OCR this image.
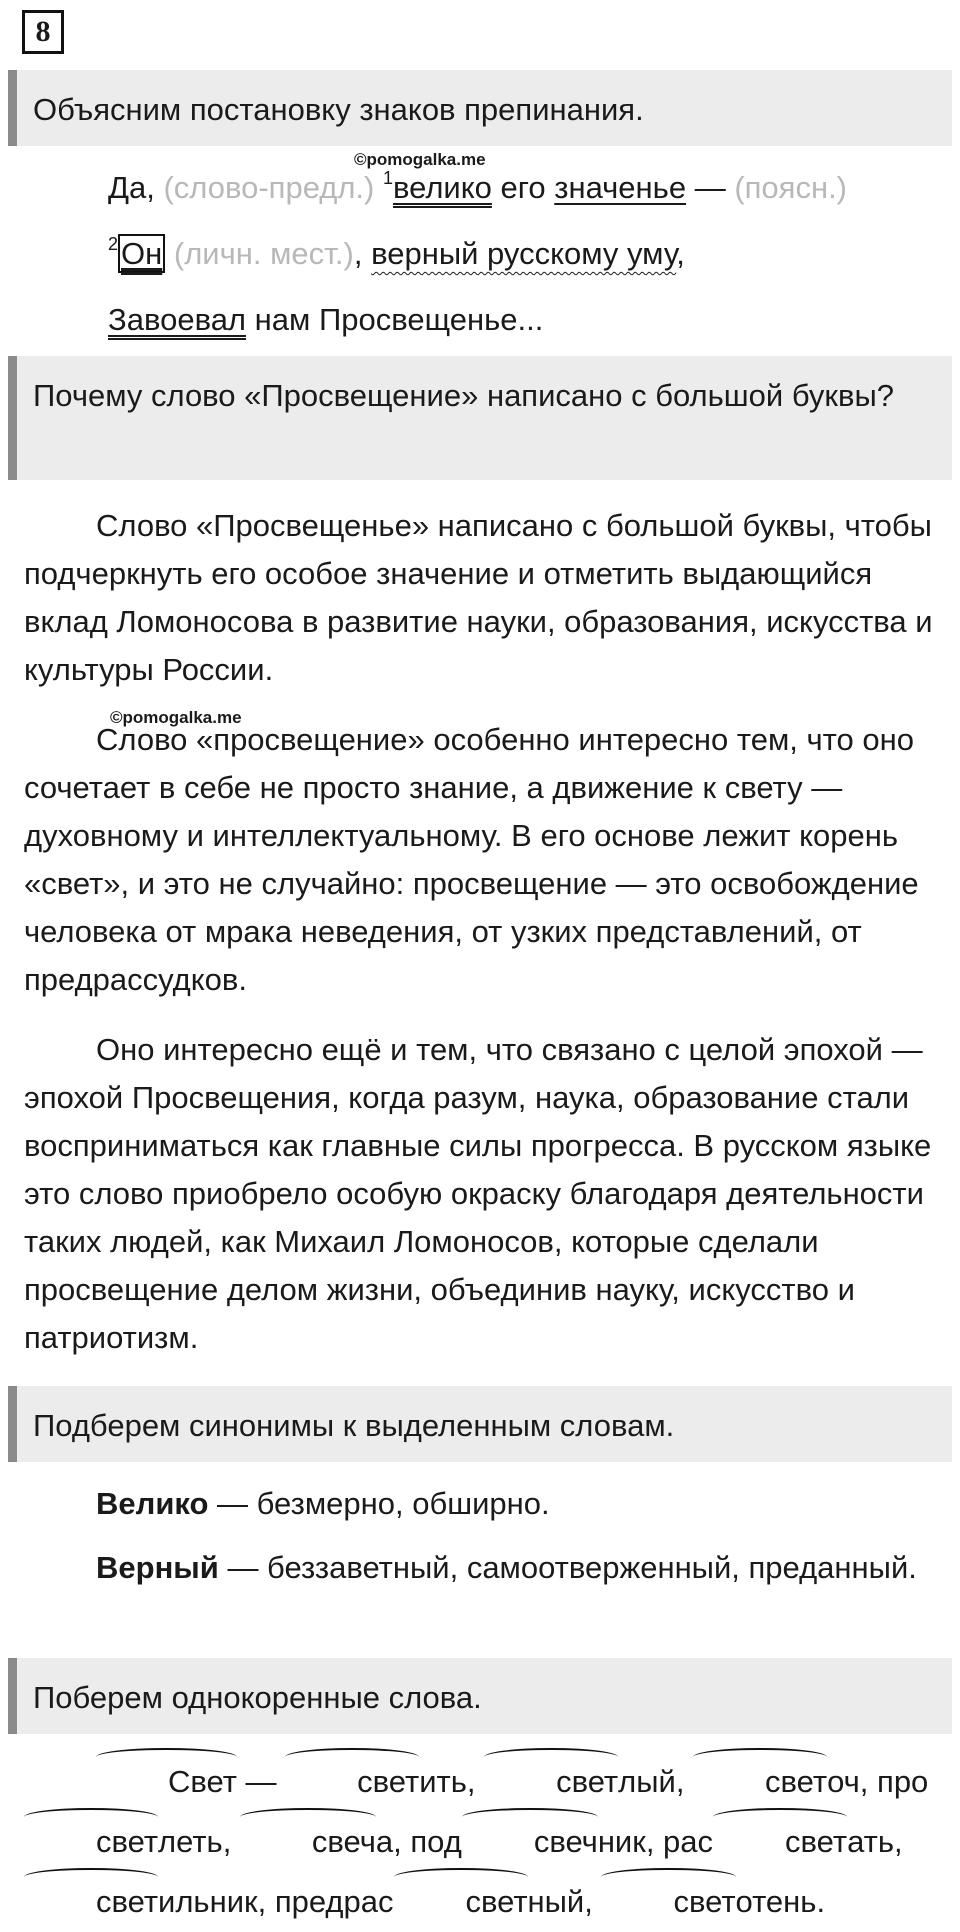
8
Объясним постановку знаков препинания.
©pomogalka.me
Да, (слово-предл.) $^1$велико его значенье — (поясн.)
$^2$Он (личн. мест.), верный русскому уму,
Завоевал нам Просвещенье...
Почему слово «Просвещение» написано с большой буквы?
Слово «Просвещенье» написано с большой буквы, чтобы подчеркнуть его особое значение и отметить выдающийся вклад Ломоносова в развитие науки, образования, искусства и культуры России.
©pomogalka.me
Слово «просвещение» особенно интересно тем, что оно сочетает в себе не просто знание, а движение к свету — духовному и интеллектуальному. В его основе лежит корень «свет», и это не случайно: просвещение — это освобождение человека от мрака неведения, от узких представлений, от предрассудков.
Оно интересно ещё и тем, что связано с целой эпохой — эпохой Просвещения, когда разум, наука, образование стали восприниматься как главные силы прогресса. В русском языке это слово приобрело особую окраску благодаря деятельности таких людей, как Михаил Ломоносов, которые сделали просвещение делом жизни, объединив науку, искусство и патриотизм.
Подберем синонимы к выделенным словам.
Велико — безмерно, обширно.
Верный — беззаветный, самоотверженный, преданный.
Поберем однокоренные слова.
Свет — светить, светлый, светоч, просветлеть, свеча, под свечник, рас светать, светильник, предрас светный, светотень.
